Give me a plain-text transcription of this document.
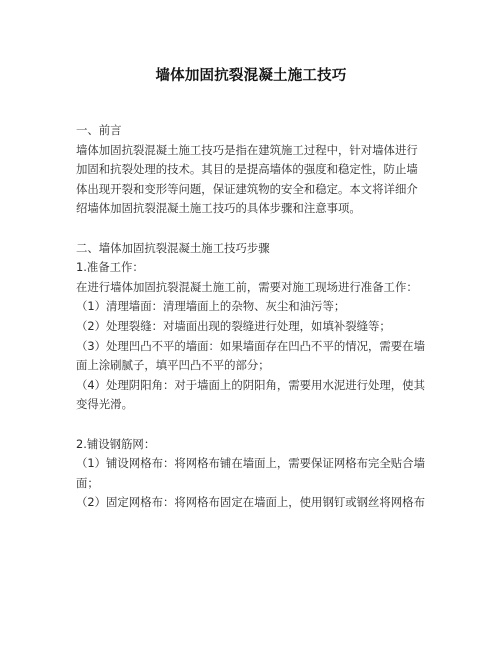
墙体加固抗裂混凝土施工技巧
一、前言
墙体加固抗裂混凝土施工技巧是指在建筑施工过程中，针对墙体进行
加固和抗裂处理的技术。其目的是提高墙体的强度和稳定性，防止墙
体出现开裂和变形等问题，保证建筑物的安全和稳定。本文将详细介
绍墙体加固抗裂混凝土施工技巧的具体步骤和注意事项。
二、墙体加固抗裂混凝土施工技巧步骤
1.准备工作：
在进行墙体加固抗裂混凝土施工前，需要对施工现场进行准备工作：
（1）清理墙面：清理墙面上的杂物、灰尘和油污等；
（2）处理裂缝：对墙面出现的裂缝进行处理，如填补裂缝等；
（3）处理凹凸不平的墙面：如果墙面存在凹凸不平的情况，需要在墙
面上涂刷腻子，填平凹凸不平的部分；
（4）处理阴阳角：对于墙面上的阴阳角，需要用水泥进行处理，使其
变得光滑。
2.铺设钢筋网：
（1）铺设网格布：将网格布铺在墙面上，需要保证网格布完全贴合墙
面；
（2）固定网格布：将网格布固定在墙面上，使用钢钉或钢丝将网格布
